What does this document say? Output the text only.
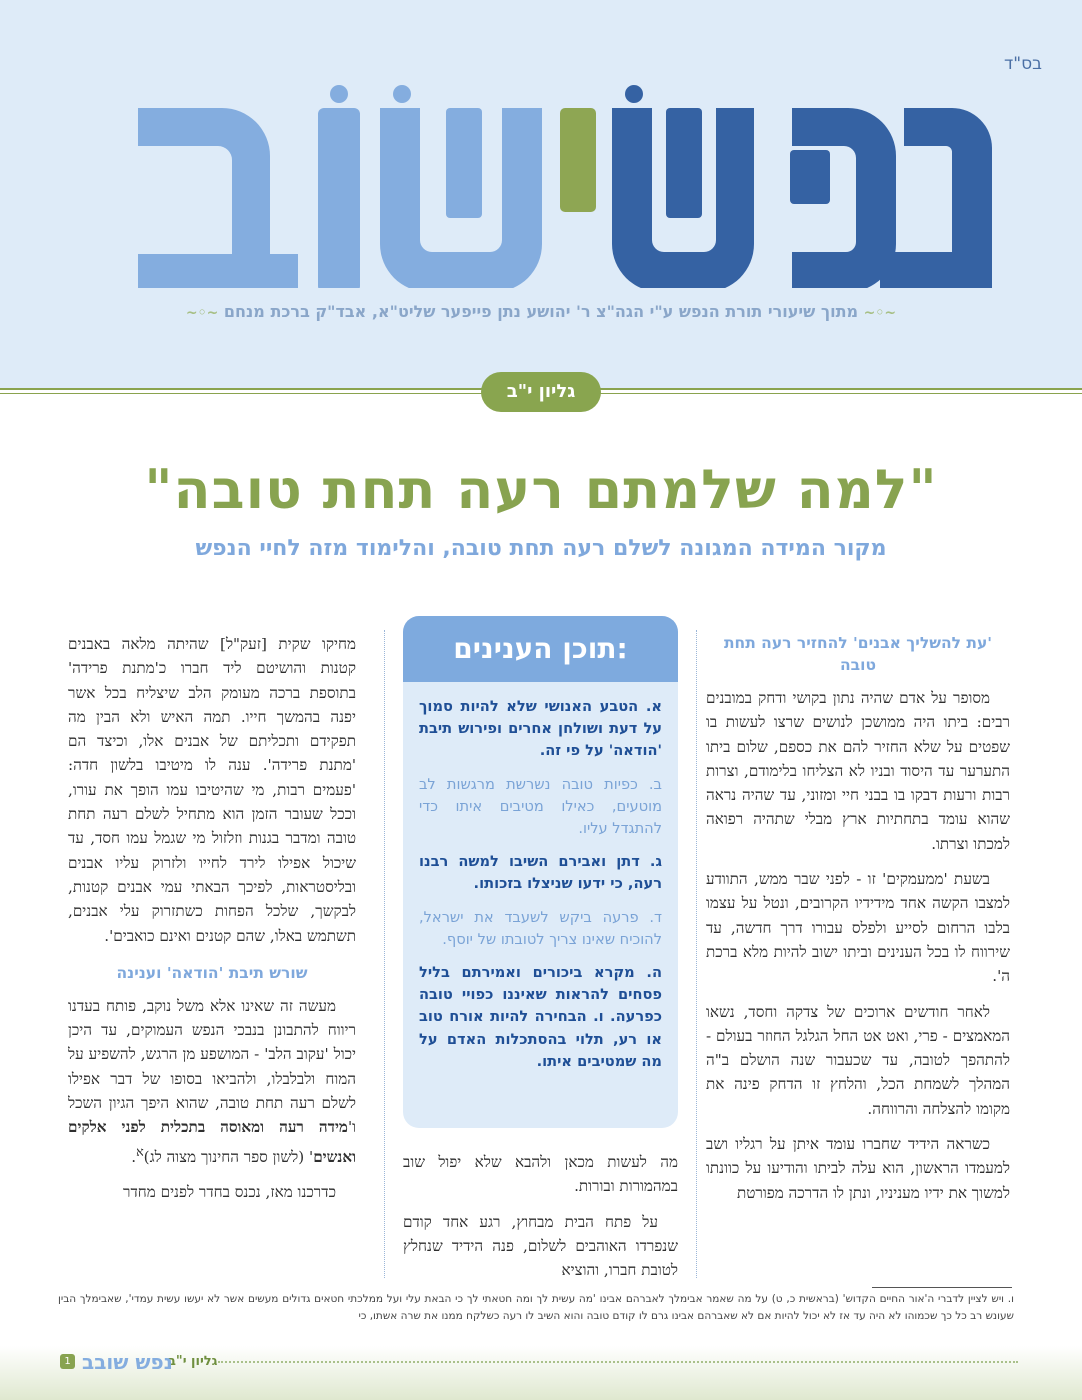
בס"ד
~◦~ מתוך שיעורי תורת הנפש ע"י הגה"צ ר' יהושע נתן פייפער שליט"א, אבד"ק ברכת מנחם ~◦~
גליון י"ב
"למה שלמתם רעה תחת טובה"
מקור המידה המגונה לשלם רעה תחת טובה, והלימוד מזה לחיי הנפש
'עת להשליך אבנים' להחזיר רעה תחת טובה

מסופר על אדם שהיה נתון בקושי ודחק במובנים רבים: ביתו היה ממושכן לנושים שרצו לעשות בו שפטים על שלא החזיר להם את כספם, שלום ביתו התערער עד היסוד ובניו לא הצליחו בלימודם, וצרות רבות ורעות דבקו בו בבני חיי ומזוני, עד שהיה נראה שהוא עומד בתחתיות ארץ מבלי שתהיה רפואה למכתו וצרתו.

בשעת 'ממעמקים' זו - לפני שבר ממש, התוודע למצבו הקשה אחד מידידיו הקרובים, ונטל על עצמו בלבו הרחום לסייע ולפלס עבורו דרך חדשה, עד שירווח לו בכל הענינים וביתו ישוב להיות מלא ברכת ה'.

לאחר חודשים ארוכים של צדקה וחסד, נשאו המאמצים - פרי, ואט אט החל הגלגל החוזר בעולם - להתהפך לטובה, עד שכעבור שנה הושלם ב"ה המהלך לשמחת הכל, והלחץ זו הדחק פינה את מקומו להצלחה והרווחה.

כשראה הידיד שחברו עומד איתן על רגליו ושב למעמדו הראשון, הוא עלה לביתו והודיעו על כוונתו למשוך את ידיו מעניניו, ונתן לו הדרכה מפורטת

תוכן הענינים:
א. הטבע האנושי שלא להיות סמוך על דעת ושולחן אחרים ופירוש תיבת 'הודאה' על פי זה.
ב. כפיות טובה נשרשת מרגשות לב מוטעים, כאילו מטיבים איתו כדי להתגדל עליו.
ג. דתן ואבירם השיבו למשה רבנו רעה, כי ידעו שניצלו בזכותו.
ד. פרעה ביקש לשעבד את ישראל, להוכיח שאינו צריך לטובתו של יוסף.
ה. מקרא ביכורים ואמירתם בליל פסחים להראות שאיננו כפויי טובה כפרעה. ו. הבחירה להיות אורח טוב או רע, תלוי בהסתכלות האדם על מה שמטיבים איתו.

מה לעשות מכאן ולהבא שלא יפול שוב במהמורות ובורות.

על פתח הבית מבחוץ, רגע אחד קודם שנפרדו האוהבים לשלום, פנה הידיד שנחלץ לטובת חברו, והוציא

מחיקו שקית [זעק"ל] שהיתה מלאה באבנים קטנות והושיטם ליד חברו כ'מתנת פרידה' בתוספת ברכה מעומק הלב שיצליח בכל אשר יפנה בהמשך חייו. תמה האיש ולא הבין מה תפקידם ותכליתם של אבנים אלו, וכיצד הם 'מתנת פרידה'. ענה לו מיטיבו בלשון חדה: 'פעמים רבות, מי שהיטיבו עמו הופך את עורו, וככל שעובר הזמן הוא מתחיל לשלם רעה תחת טובה ומדבר בגנות וזלזול מי שגמל עמו חסד, עד שיכול אפילו לירד לחייו ולזרוק עליו אבנים ובליסטראות, לפיכך הבאתי עמי אבנים קטנות, לבקשך, שלכל הפחות כשתזרוק עלי אבנים, תשתמש באלו, שהם קטנים ואינם כואבים'.

שורש תיבת 'הודאה' וענינה

מעשה זה שאינו אלא משל נוקב, פותח בעדנו ריווח להתבונן בנבכי הנפש העמוקים, עד היכן יכול 'עקוב הלב' - המושפע מן הרגש, להשפיע על המוח ולבלבלו, ולהביאו בסופו של דבר אפילו לשלם רעה תחת טובה, שהוא היפך הגיון השכל ו'מידה רעה ומאוסה בתכלית לפני אלקים ואנשים' (לשון ספר החינוך מצוה לג)$^א$.

כדרכנו מאז, נכנס בחדר לפנים מחדר

ו. ויש לציין לדברי ה'אור החיים הקדוש' (בראשית כ, ט) על מה שאמר אבימלך לאברהם אבינו 'מה עשית לך ומה חטאתי לך כי הבאת עלי ועל ממלכתי חטאים גדולים מעשים אשר לא יעשו עשית עמדי', שאבימלך הבין שעונש רב כל כך שכמוהו לא היה עד אז לא יכול להיות אם לא שאברהם אבינו גרם לו קודם טובה והוא השיב לו רעה כשלקח ממנו את שרה אשתו, כי
גליון י"ב
נפש שובב
1
